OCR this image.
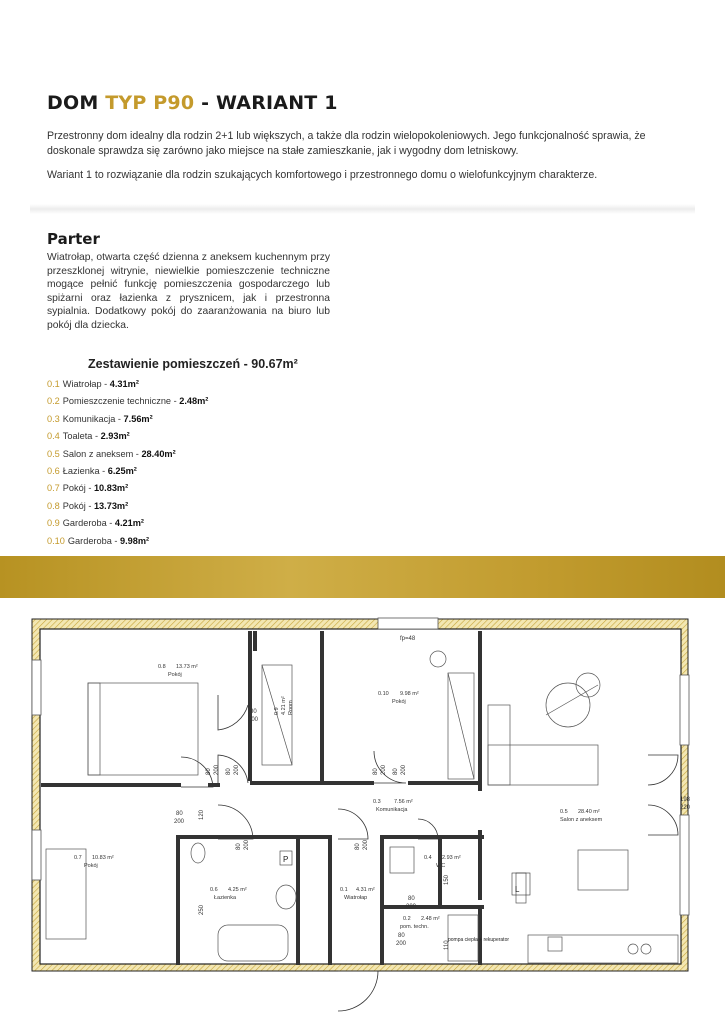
DOM TYP P90 - WARIANT 1
Przestronny dom idealny dla rodzin 2+1 lub większych, a także dla rodzin wielopokoleniowych. Jego funkcjonalność sprawia, że doskonale sprawdza się zarówno jako miejsce na stałe zamieszkanie, jak i wygodny dom letniskowy.
Wariant 1 to rozwiązanie dla rodzin szukających komfortowego i przestronnego domu o wielofunkcyjnym charakterze.
Parter
Wiatrołap, otwarta część dzienna z aneksem kuchennym przy przeszklonej witrynie, niewielkie pomieszczenie techniczne mogące pełnić funkcję pomieszczenia gospodarczego lub spiżarni oraz łazienka z prysznicem, jak i przestronna sypialnia. Dodatkowy pokój do zaaranżowania na biuro lub pokój dla dziecka.
Zestawienie pomieszczeń - 90.67m²
0.1 Wiatrołap - 4.31m²
0.2 Pomieszczenie techniczne - 2.48m²
0.3 Komunikacja - 7.56m²
0.4 Toaleta - 2.93m²
0.5 Salon z aneksem - 28.40m²
0.6 Łazienka - 6.25m²
0.7 Pokój - 10.83m²
0.8 Pokój - 13.73m²
0.9 Garderoba - 4.21m²
0.10 Garderoba - 9.98m²
0.8 13.73 m²
Pokój
0.9 4.21 m² Room
0.10 9.98 m²
Pokój
0.5 28.40 m²
Salon z aneksem
0.7 10.83 m²
Pokój
0.3 7.56 m²
Komunikacja
0.6 4.25 m²
Łazienka
0.1 4.31 m²
Wiatrołap
0.4 2.93 m²
WC
0.2 2.48 m²
pom. techn.
80
200
80
200
80
200
80
200
80 200 80 200	80 200 80 200
80 200	80 200
120
250
150
110
198
220
fp=48
P
L
pompa ciepła + rekuperator
